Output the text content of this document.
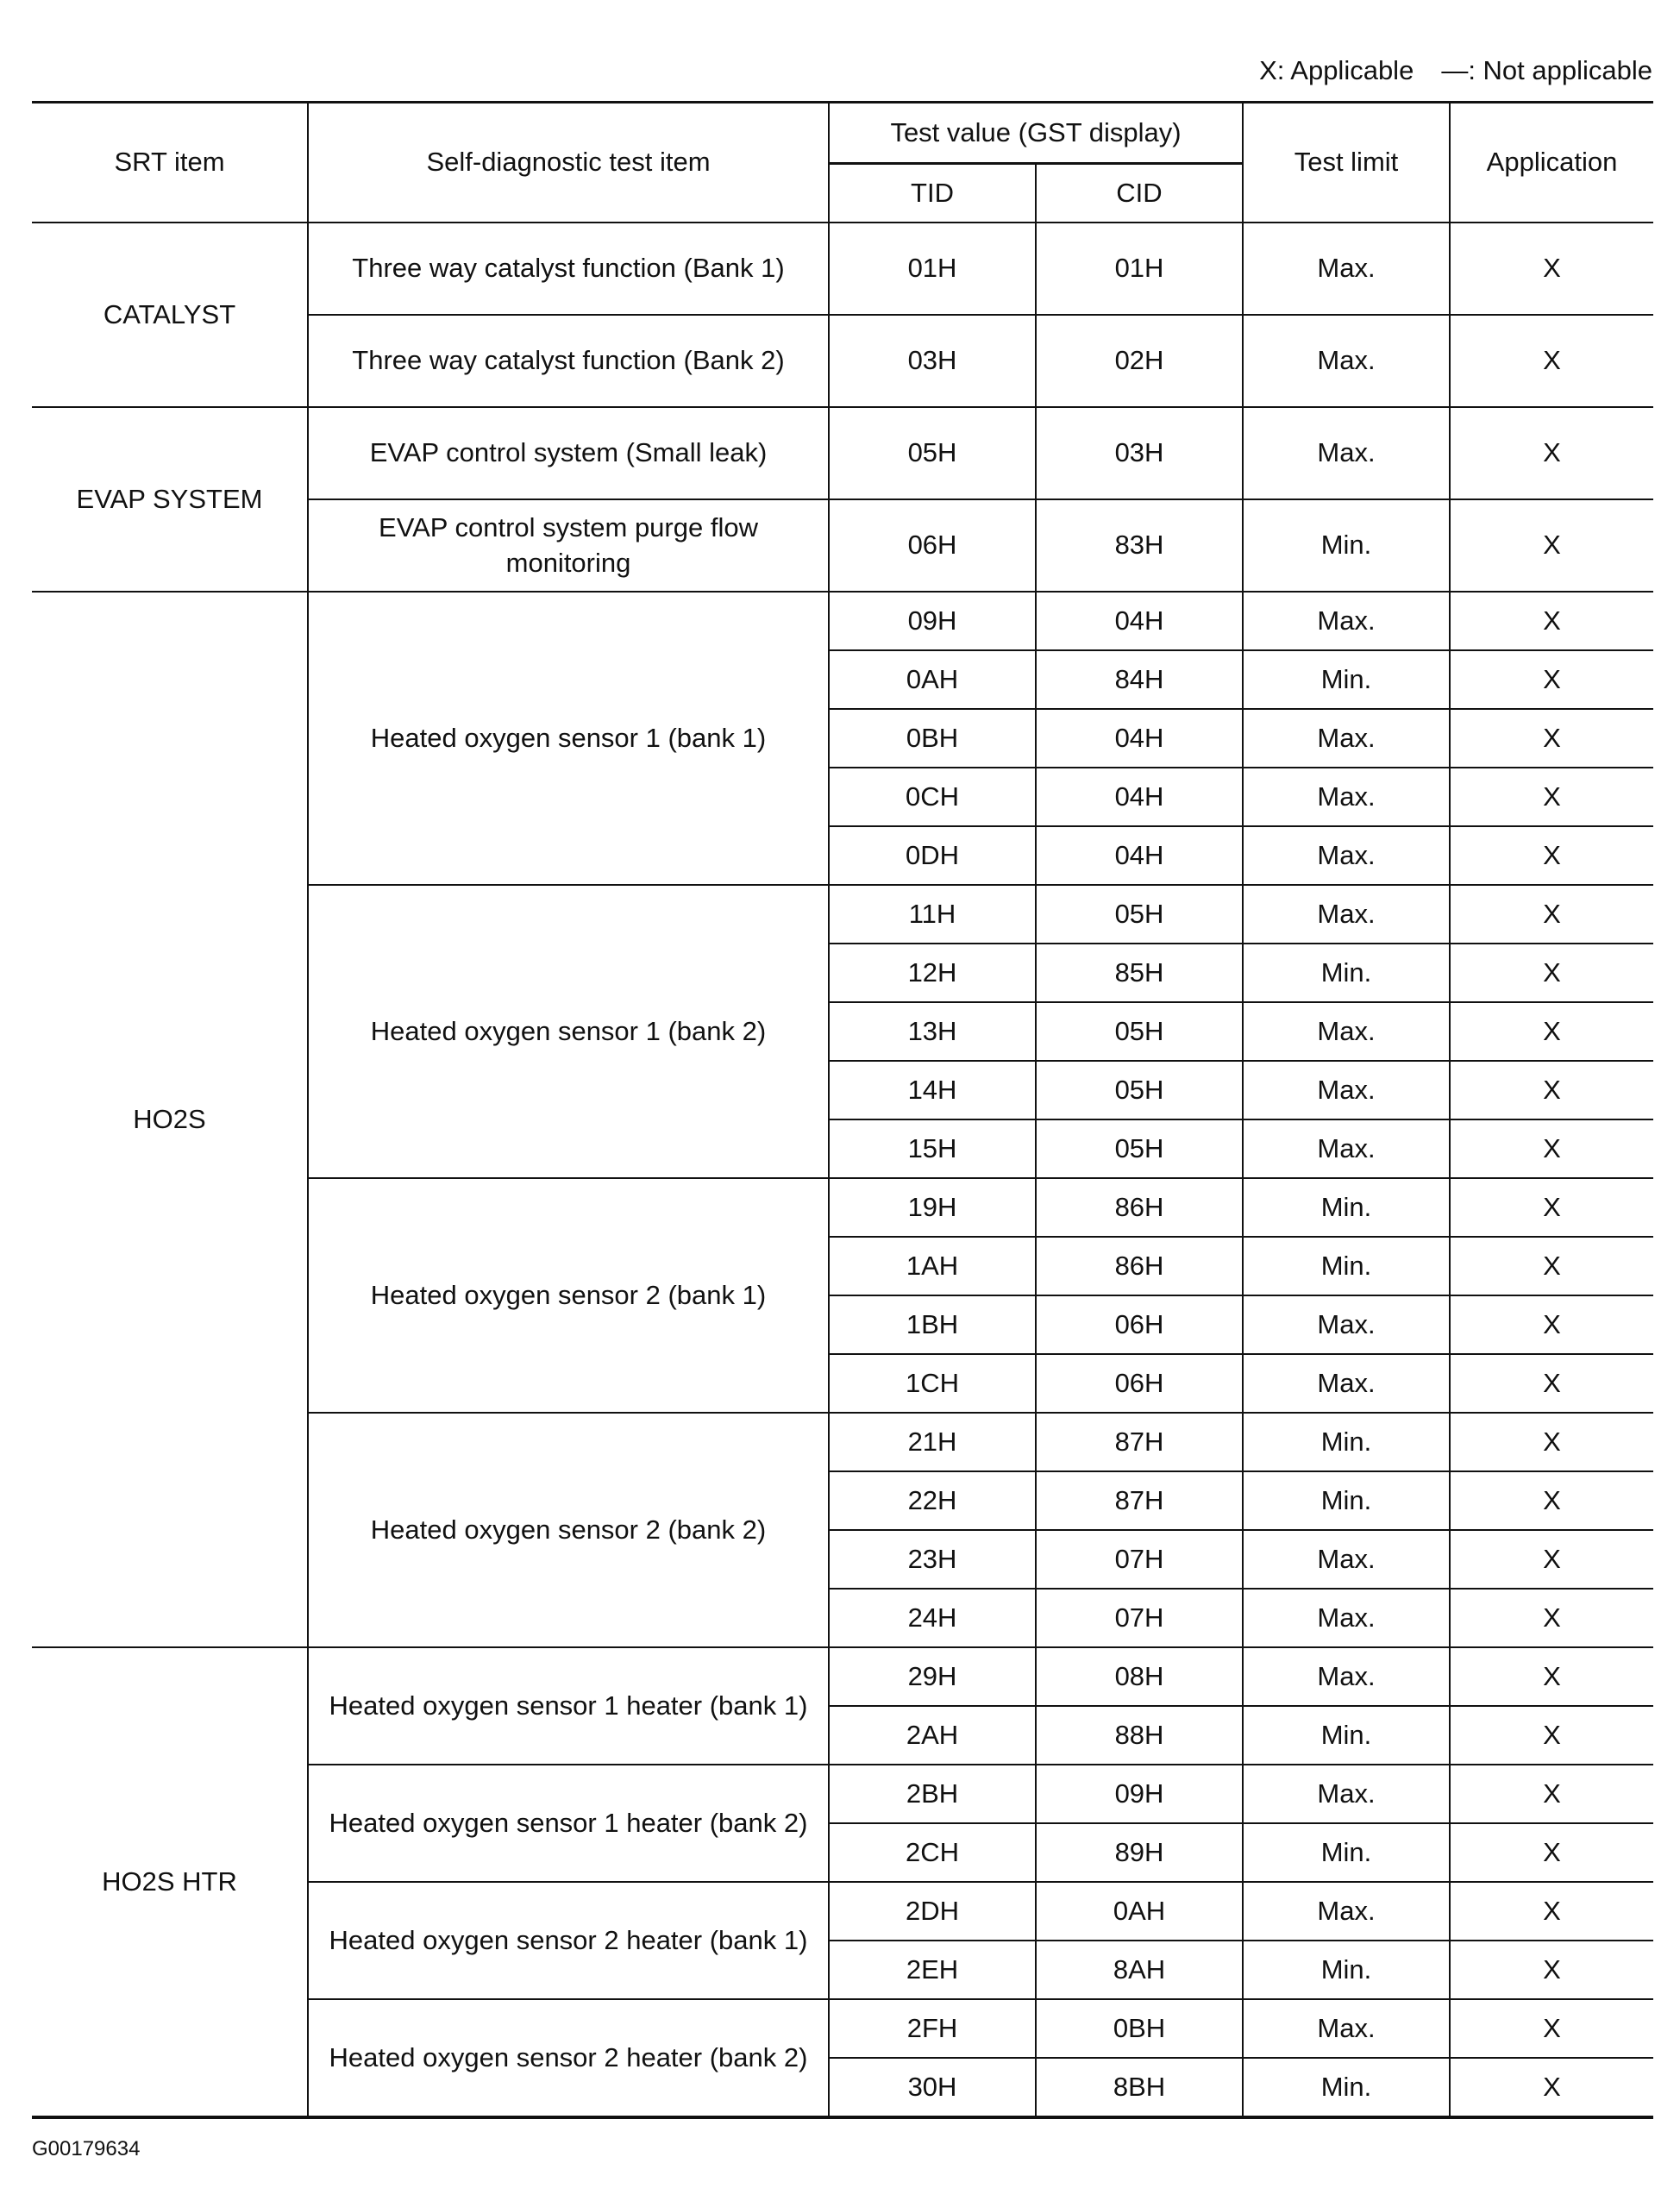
X: Applicable —: Not applicable
SRT item	Self-diagnostic test item	Test value (GST display)		Test limit	Application
		TID	CID		
CATALYST	Three way catalyst function (Bank 1)	01H	01H	Max.	X
	Three way catalyst function (Bank 2)	03H	02H	Max.	X
EVAP SYSTEM	EVAP control system (Small leak)	05H	03H	Max.	X
	EVAP control system purge flow monitoring	06H	83H	Min.	X
HO2S	Heated oxygen sensor 1 (bank 1)	09H	04H	Max.	X
		0AH	84H	Min.	X
		0BH	04H	Max.	X
		0CH	04H	Max.	X
		0DH	04H	Max.	X
	Heated oxygen sensor 1 (bank 2)	11H	05H	Max.	X
		12H	85H	Min.	X
		13H	05H	Max.	X
		14H	05H	Max.	X
		15H	05H	Max.	X
	Heated oxygen sensor 2 (bank 1)	19H	86H	Min.	X
		1AH	86H	Min.	X
		1BH	06H	Max.	X
		1CH	06H	Max.	X
	Heated oxygen sensor 2 (bank 2)	21H	87H	Min.	X
		22H	87H	Min.	X
		23H	07H	Max.	X
		24H	07H	Max.	X
HO2S HTR	Heated oxygen sensor 1 heater (bank 1)	29H	08H	Max.	X
		2AH	88H	Min.	X
	Heated oxygen sensor 1 heater (bank 2)	2BH	09H	Max.	X
		2CH	89H	Min.	X
	Heated oxygen sensor 2 heater (bank 1)	2DH	0AH	Max.	X
		2EH	8AH	Min.	X
	Heated oxygen sensor 2 heater (bank 2)	2FH	0BH	Max.	X
		30H	8BH	Min.	X
G00179634
